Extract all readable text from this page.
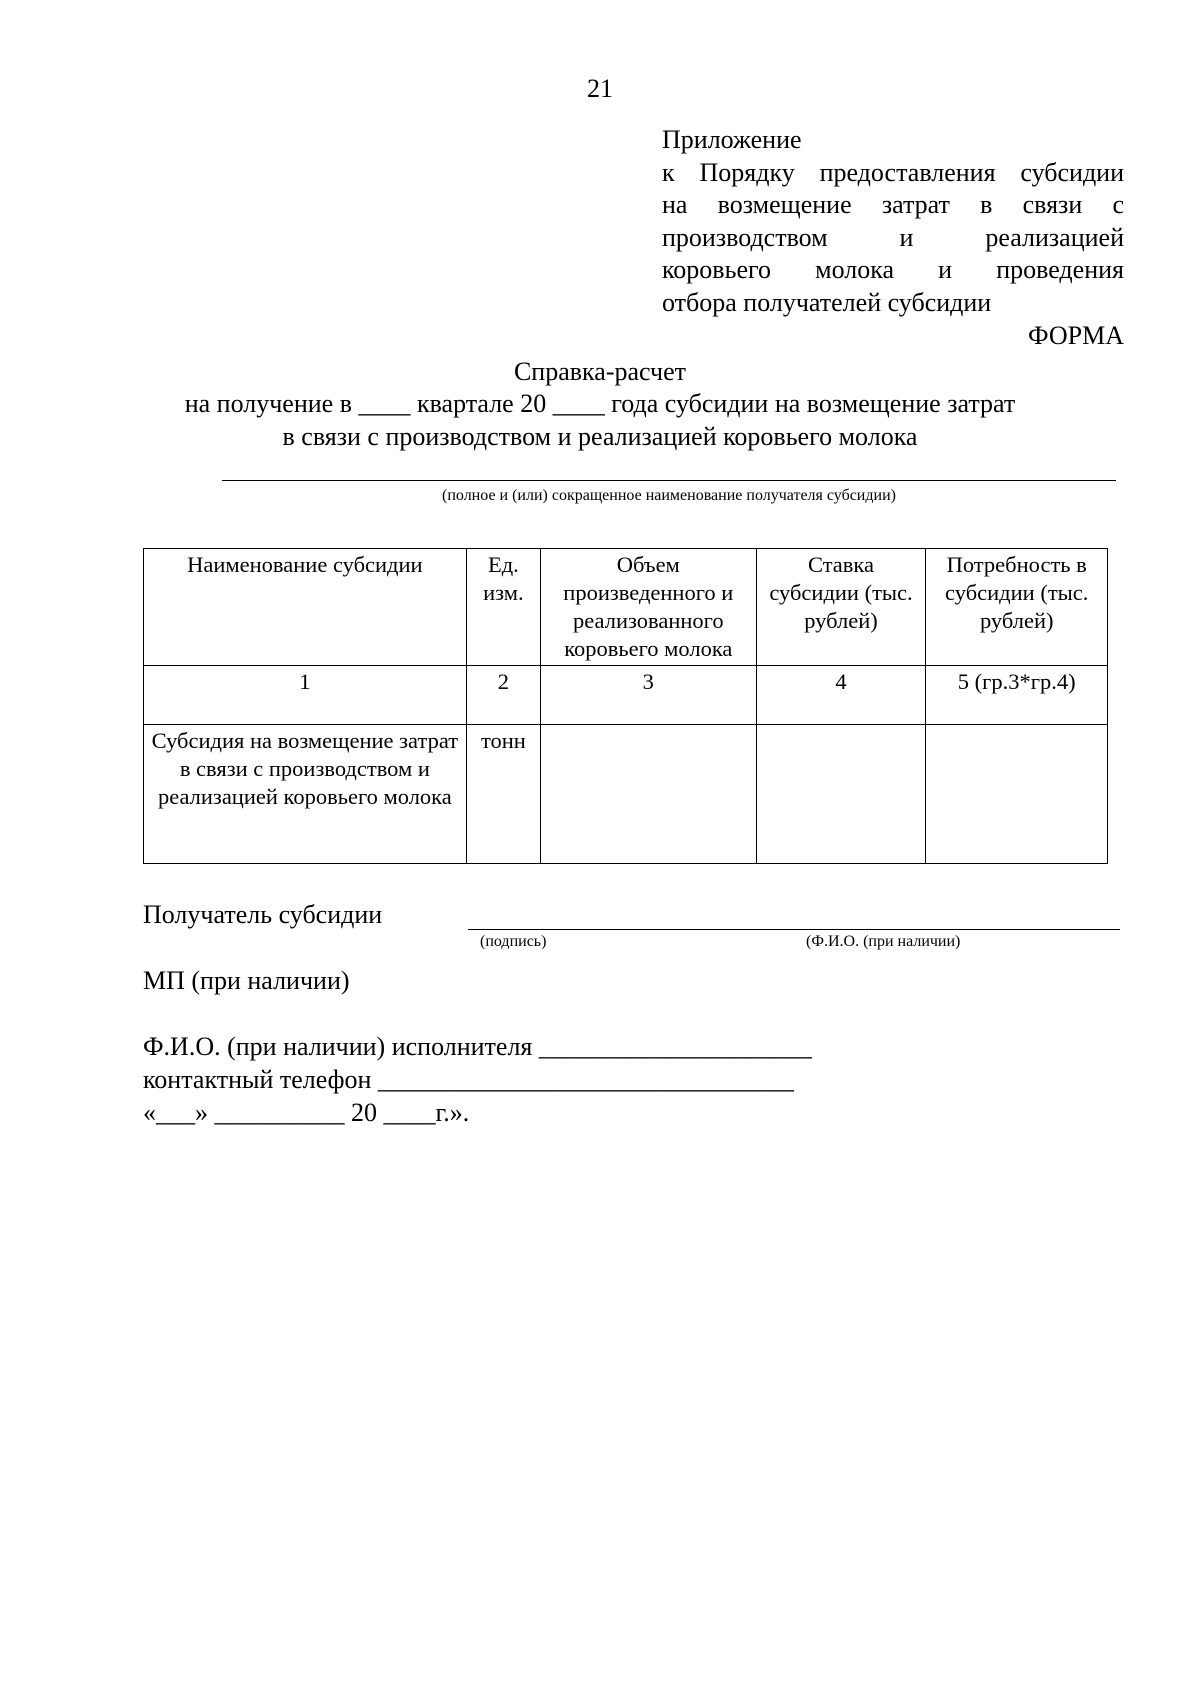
21
Приложение
к Порядку предоставления субсидии
на возмещение затрат в связи с
производством и реализацией
коровьего молока и проведения
отбора получателей субсидии
ФОРМА
Справка-расчет
на получение в ____ квартале 20 ____ года субсидии на возмещение затрат
в связи с производством и реализацией коровьего молока
(полное и (или) сокращенное наименование получателя субсидии)
Наименование субсидии	Ед. изм.	Объем произведенного и реализованного коровьего молока	Ставка субсидии (тыс. рублей)	Потребность в субсидии (тыс. рублей)
1	2	3	4	5 (гр.3*гр.4)
Субсидия на возмещение затрат в связи с производством и реализацией коровьего молока	тонн			
Получатель субсидии
(подпись)	(Ф.И.О. (при наличии)
МП (при наличии)
Ф.И.О. (при наличии) исполнителя _____________________
контактный телефон ________________________________
«___» __________ 20 ____г.».
